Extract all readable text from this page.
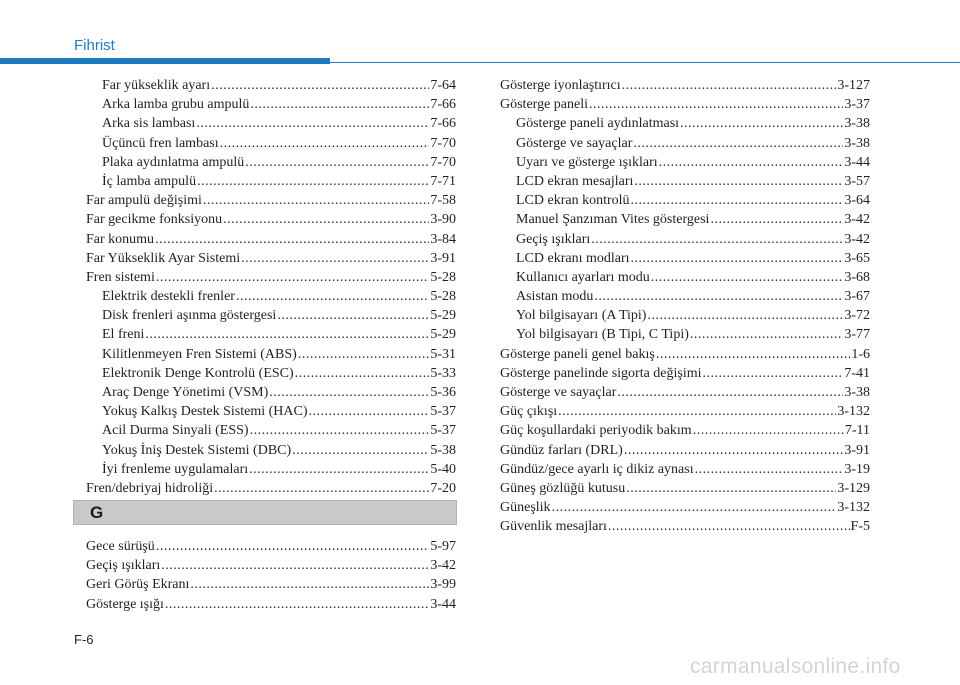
Fihrist
Far yükseklik ayarı .....	7-64
Arka lamba grubu ampulü .....	7-66
Arka sis lambası .....	7-66
Üçüncü fren lambası .....	7-70
Plaka aydınlatma ampulü .....	7-70
İç lamba ampulü .....	7-71
Far ampulü değişimi .....	7-58
Far gecikme fonksiyonu .....	3-90
Far konumu .....	3-84
Far Yükseklik Ayar Sistemi .....	3-91
Fren sistemi .....	5-28
Elektrik destekli frenler .....	5-28
Disk frenleri aşınma göstergesi .....	5-29
El freni .....	5-29
Kilitlenmeyen Fren Sistemi (ABS) .....	5-31
Elektronik Denge Kontrolü (ESC) .....	5-33
Araç Denge Yönetimi (VSM) .....	5-36
Yokuş Kalkış Destek Sistemi (HAC) .....	5-37
Acil Durma Sinyali (ESS) .....	5-37
Yokuş İniş Destek Sistemi (DBC) .....	5-38
İyi frenleme uygulamaları .....	5-40
Fren/debriyaj hidroliği .....	7-20
G
Gece sürüşü .....	5-97
Geçiş ışıkları .....	3-42
Geri Görüş Ekranı .....	3-99
Gösterge ışığı .....	3-44
Gösterge iyonlaştırıcı .....	3-127
Gösterge paneli .....	3-37
Gösterge paneli aydınlatması .....	3-38
Gösterge ve sayaçlar .....	3-38
Uyarı ve gösterge ışıkları .....	3-44
LCD ekran mesajları .....	3-57
LCD ekran kontrolü .....	3-64
Manuel Şanzıman Vites göstergesi .....	3-42
Geçiş ışıkları .....	3-42
LCD ekranı modları .....	3-65
Kullanıcı ayarları modu .....	3-68
Asistan modu .....	3-67
Yol bilgisayarı (A Tipi) .....	3-72
Yol bilgisayarı (B Tipi, C Tipi) .....	3-77
Gösterge paneli genel bakış .....	1-6
Gösterge panelinde sigorta değişimi .....	7-41
Gösterge ve sayaçlar .....	3-38
Güç çıkışı .....	3-132
Güç koşullardaki periyodik bakım .....	7-11
Gündüz farları (DRL) .....	3-91
Gündüz/gece ayarlı iç dikiz aynası .....	3-19
Güneş gözlüğü kutusu .....	3-129
Güneşlik .....	3-132
Güvenlik mesajları .....	F-5
F-6
carmanualsonline.info
